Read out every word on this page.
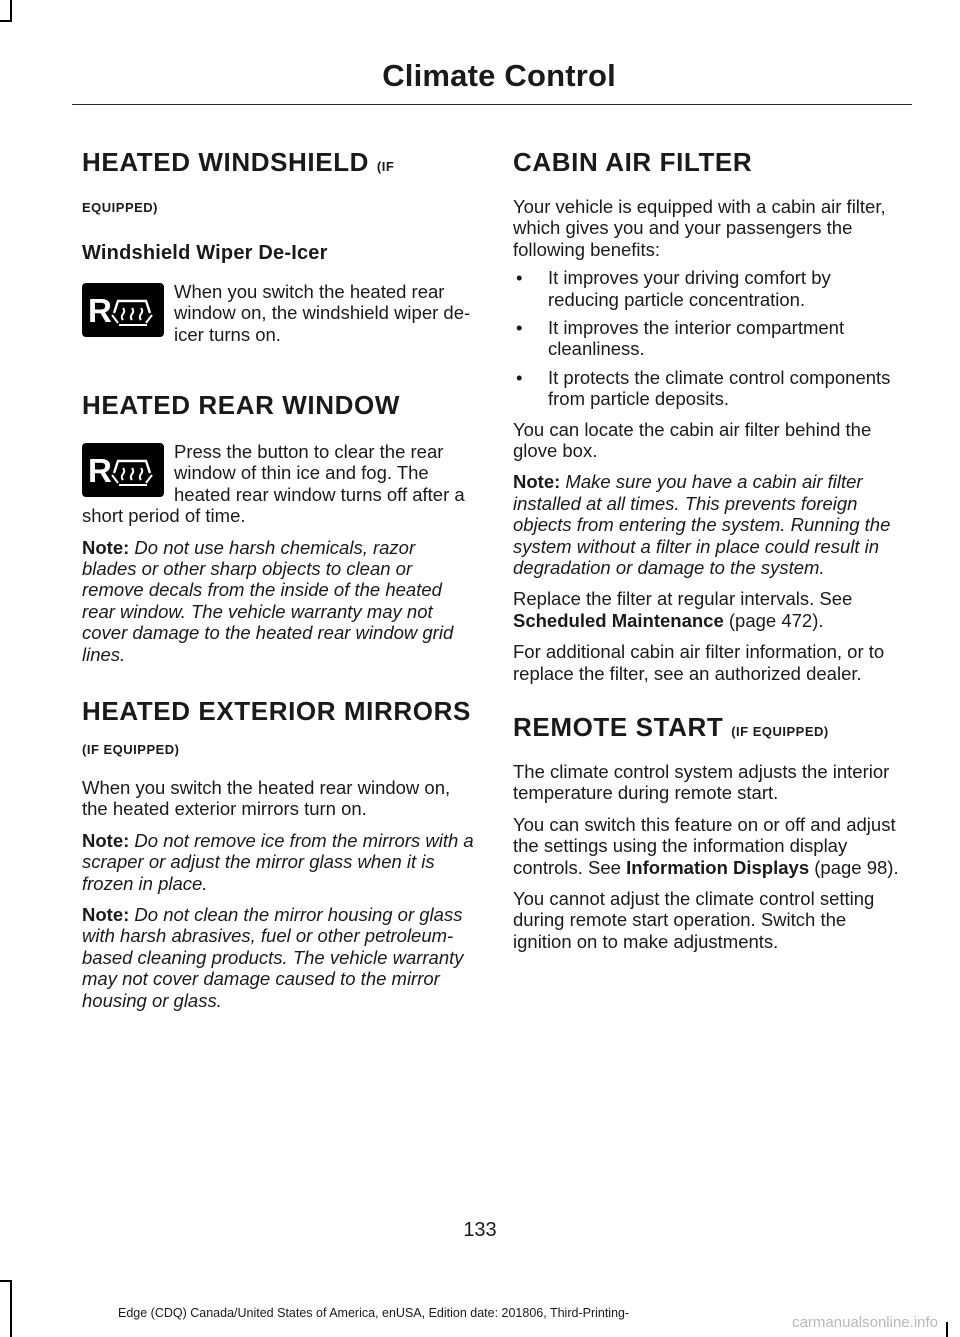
Climate Control
HEATED WINDSHIELD (IF
EQUIPPED)
Windshield Wiper De-Icer
R

When you switch the heated rear window on, the windshield wiper de-icer turns on.

HEATED REAR WINDOW
R

Press the button to clear the rear window of thin ice and fog. The heated rear window turns off after a short period of time.

Note: Do not use harsh chemicals, razor blades or other sharp objects to clean or remove decals from the inside of the heated rear window. The vehicle warranty may not cover damage to the heated rear window grid lines.

HEATED EXTERIOR MIRRORS
(IF EQUIPPED)

When you switch the heated rear window on, the heated exterior mirrors turn on.

Note: Do not remove ice from the mirrors with a scraper or adjust the mirror glass when it is frozen in place.

Note: Do not clean the mirror housing or glass with harsh abrasives, fuel or other petroleum-based cleaning products. The vehicle warranty may not cover damage caused to the mirror housing or glass.

CABIN AIR FILTER

Your vehicle is equipped with a cabin air filter, which gives you and your passengers the following benefits:

• It improves your driving comfort by reducing particle concentration.
• It improves the interior compartment cleanliness.
• It protects the climate control components from particle deposits.

You can locate the cabin air filter behind the glove box.

Note: Make sure you have a cabin air filter installed at all times. This prevents foreign objects from entering the system. Running the system without a filter in place could result in degradation or damage to the system.

Replace the filter at regular intervals. See Scheduled Maintenance (page 472).

For additional cabin air filter information, or to replace the filter, see an authorized dealer.

REMOTE START (IF EQUIPPED)

The climate control system adjusts the interior temperature during remote start.

You can switch this feature on or off and adjust the settings using the information display controls. See Information Displays (page 98).

You cannot adjust the climate control setting during remote start operation. Switch the ignition on to make adjustments.

133
Edge (CDQ) Canada/United States of America, enUSA, Edition date: 201806, Third-Printing-
carmanualsonline.info
